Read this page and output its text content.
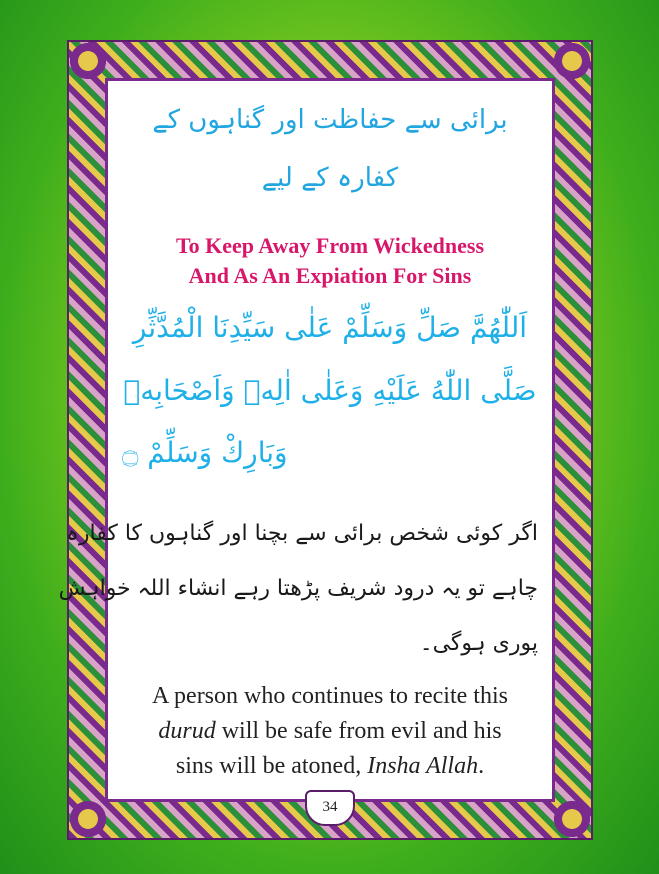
برائی سے حفاظت اور گناہوں کے
کفارہ کے لیے
To Keep Away From Wickedness
And As An Expiation For Sins
اَللّٰهُمَّ صَلِّ وَسَلِّمْ عَلٰى سَيِّدِنَا الْمُدَّثِّرِ
صَلَّى اللّٰهُ عَلَيْهِ وَعَلٰى اٰلِهٖ وَاَصْحَابِهٖ
وَبَارِكْ وَسَلِّمْ ۝
اگر کوئی شخص برائی سے بچنا اور گناہوں کا کفارہ
چاہے تو یہ درود شریف پڑھتا رہے انشاء اللہ خواہش
پوری ہوگی۔
A person who continues to recite this
durud will be safe from evil and his
sins will be atoned, Insha Allah.
34
